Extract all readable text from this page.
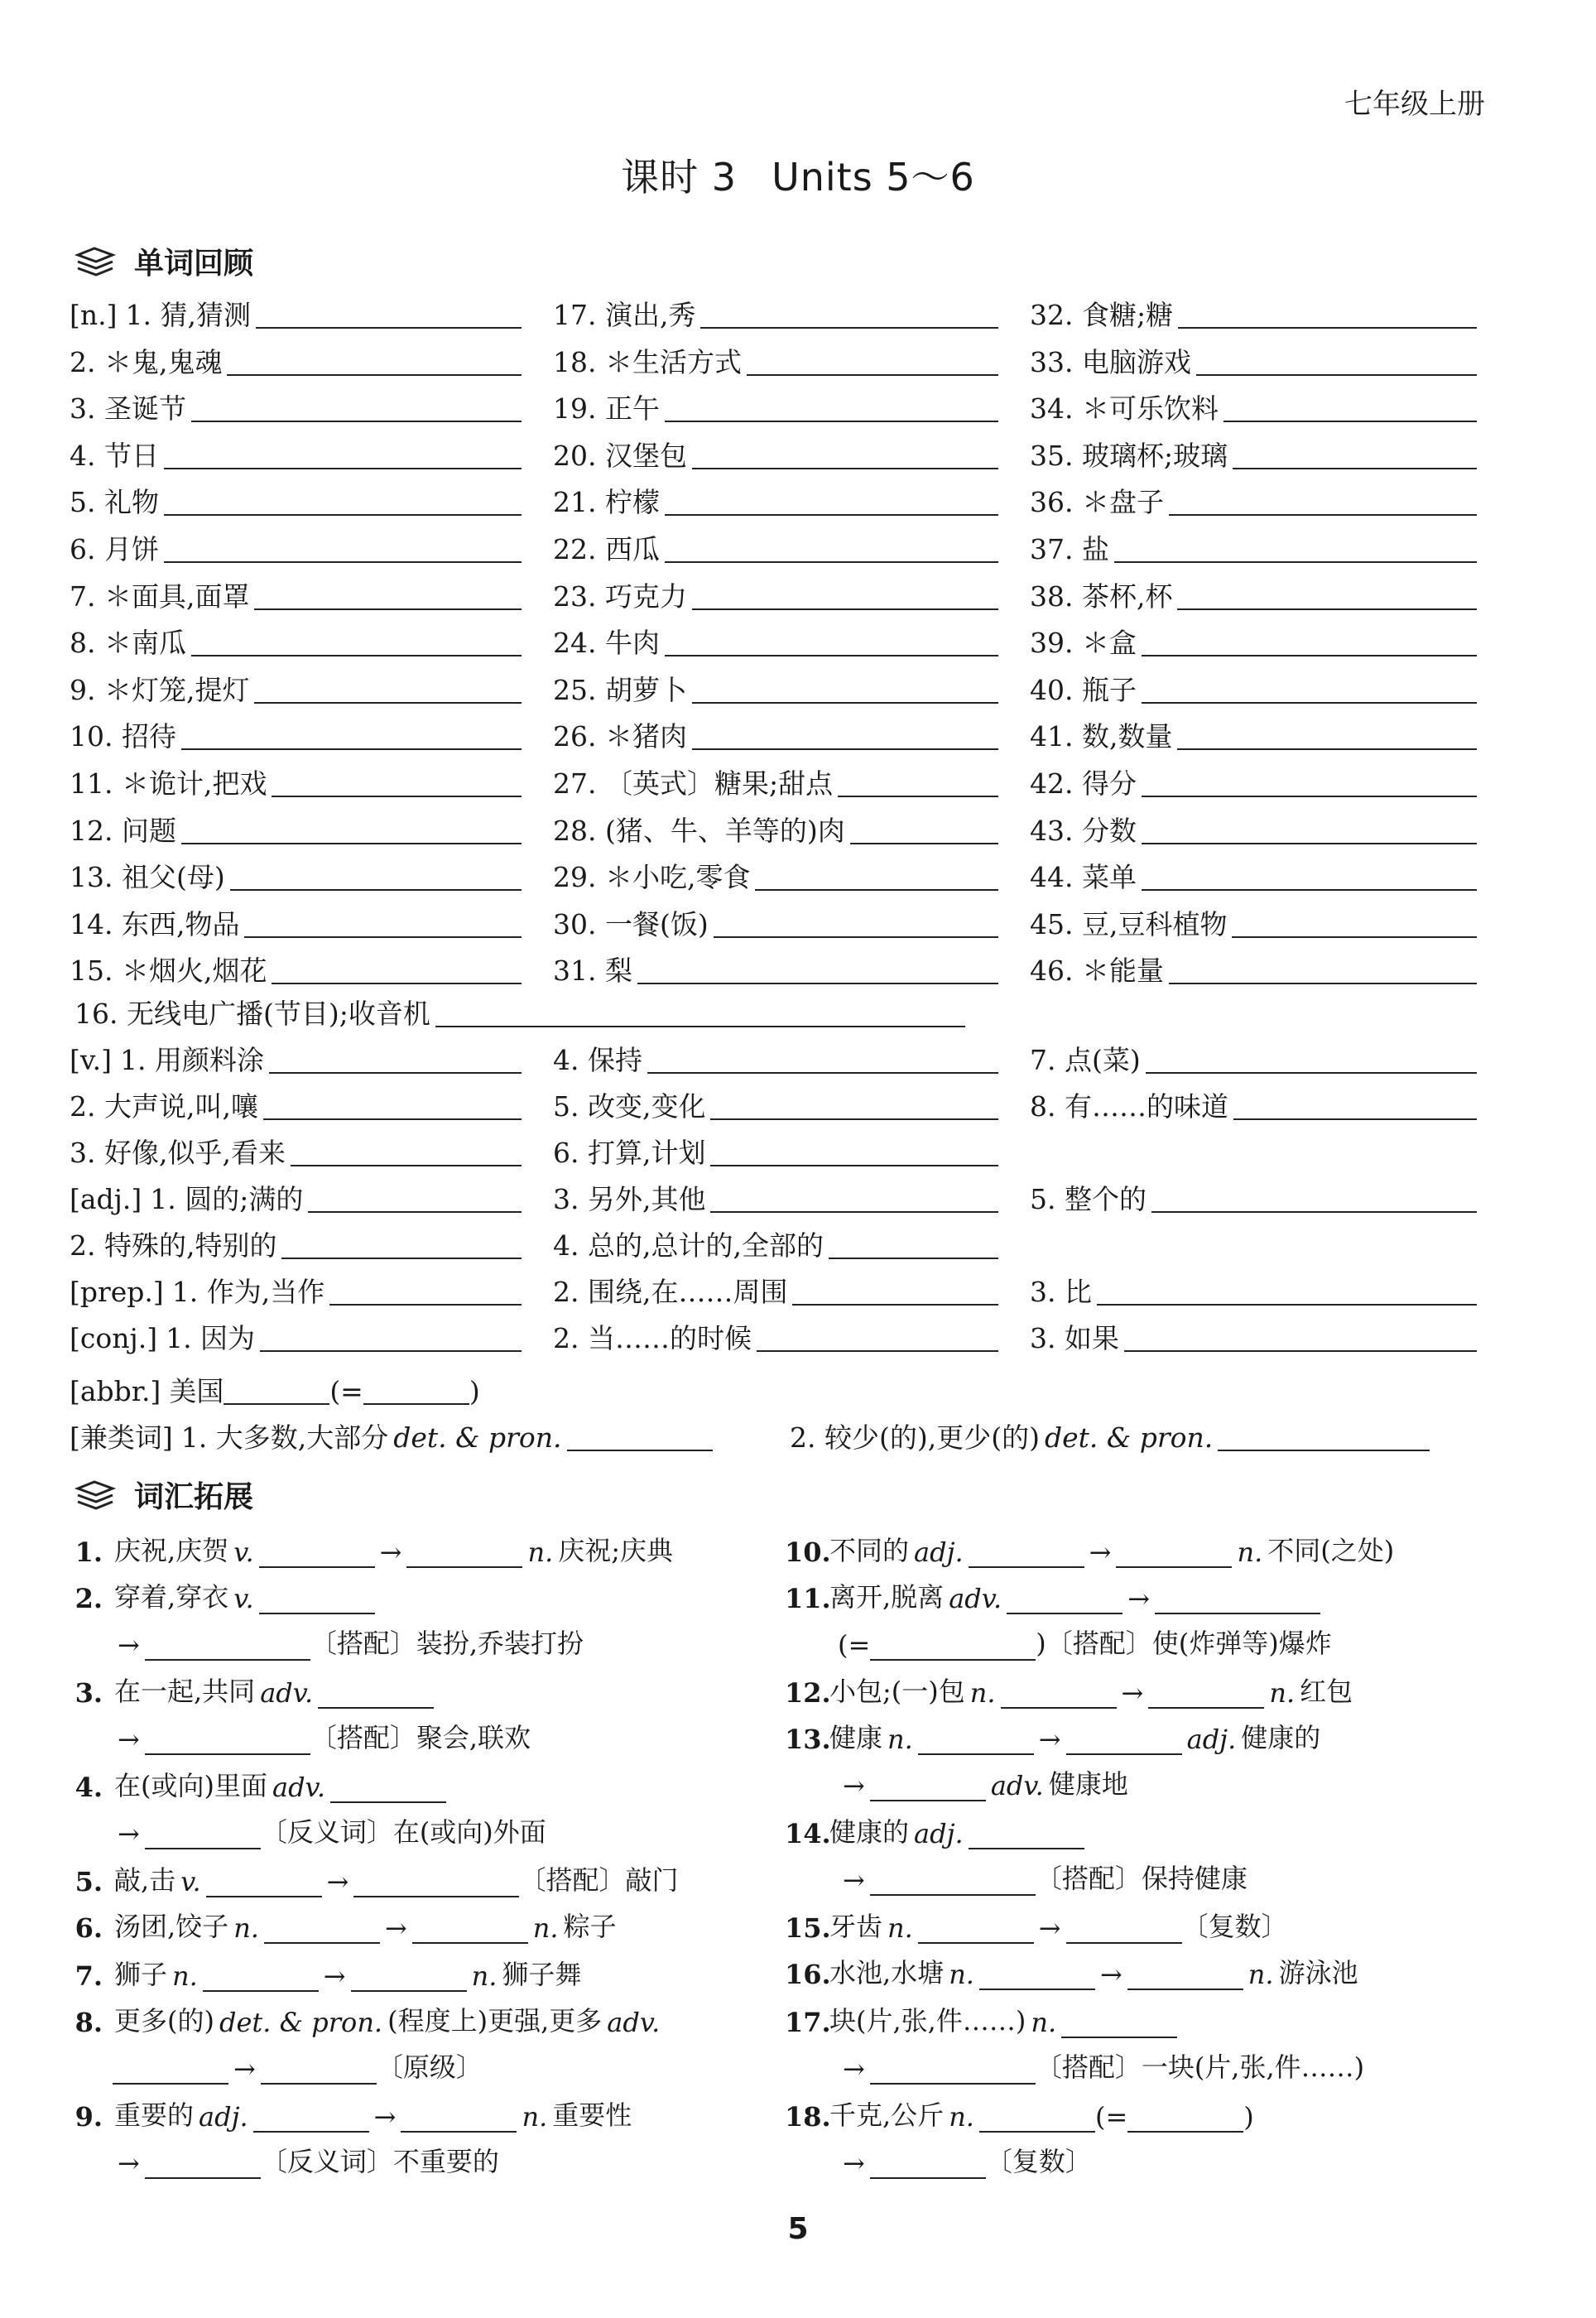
七年级上册
课时 3 Units 5～6
单词回顾
[n.] 1. 猜,猜测
2. ＊鬼,鬼魂
3. 圣诞节
4. 节日
5. 礼物
6. 月饼
7. ＊面具,面罩
8. ＊南瓜
9. ＊灯笼,提灯
10. 招待
11. ＊诡计,把戏
12. 问题
13. 祖父(母)
14. 东西,物品
15. ＊烟火,烟花
17. 演出,秀
18. ＊生活方式
19. 正午
20. 汉堡包
21. 柠檬
22. 西瓜
23. 巧克力
24. 牛肉
25. 胡萝卜
26. ＊猪肉
27. 〔英式〕糖果;甜点
28. (猪、牛、羊等的)肉
29. ＊小吃,零食
30. 一餐(饭)
31. 梨
32. 食糖;糖
33. 电脑游戏
34. ＊可乐饮料
35. 玻璃杯;玻璃
36. ＊盘子
37. 盐
38. 茶杯,杯
39. ＊盒
40. 瓶子
41. 数,数量
42. 得分
43. 分数
44. 菜单
45. 豆,豆科植物
46. ＊能量
16. 无线电广播(节目);收音机
[v.] 1. 用颜料涂
2. 大声说,叫,嚷
3. 好像,似乎,看来
4. 保持
5. 改变,变化
6. 打算,计划
7. 点(菜)
8. 有……的味道
[adj.] 1. 圆的;满的
2. 特殊的,特别的
3. 另外,其他
4. 总的,总计的,全部的
5. 整个的
[prep.] 1. 作为,当作	2. 围绕,在……周围	3. 比
[conj.] 1. 因为	2. 当……的时候	3. 如果
[abbr.] 美国	(=	)
[兼类词] 1. 大多数,大部分 det. & pron.	2. 较少(的),更少(的) det. & pron.
词汇拓展
1. 庆祝,庆贺 v.	→	n. 庆祝;庆典
2. 穿着,穿衣 v.
→	〔搭配〕装扮,乔装打扮
3. 在一起,共同 adv.
→	〔搭配〕聚会,联欢
4. 在(或向)里面 adv.
→	〔反义词〕在(或向)外面
5. 敲,击 v.	→	〔搭配〕敲门
6. 汤团,饺子 n.	→	n. 粽子
7. 狮子 n.	→	n. 狮子舞
8. 更多(的) det. & pron. (程度上)更强,更多 adv.
→	〔原级〕
9. 重要的 adj.	→	n. 重要性
→	〔反义词〕不重要的
10.
不同的 adj.	→	n. 不同(之处)
11.
离开,脱离 adv.	→
(=	)〔搭配〕使(炸弹等)爆炸
12.
小包;(一)包 n.	→	n. 红包
13.
健康 n.	→	adj. 健康的
→	adv. 健康地
14.
健康的 adj.
→	〔搭配〕保持健康
15.
牙齿 n.	→	〔复数〕
16.
水池,水塘 n.	→	n. 游泳池
17.
块(片,张,件……) n.
→	〔搭配〕一块(片,张,件……)
18.
千克,公斤 n.	(=	)
→	〔复数〕
5
